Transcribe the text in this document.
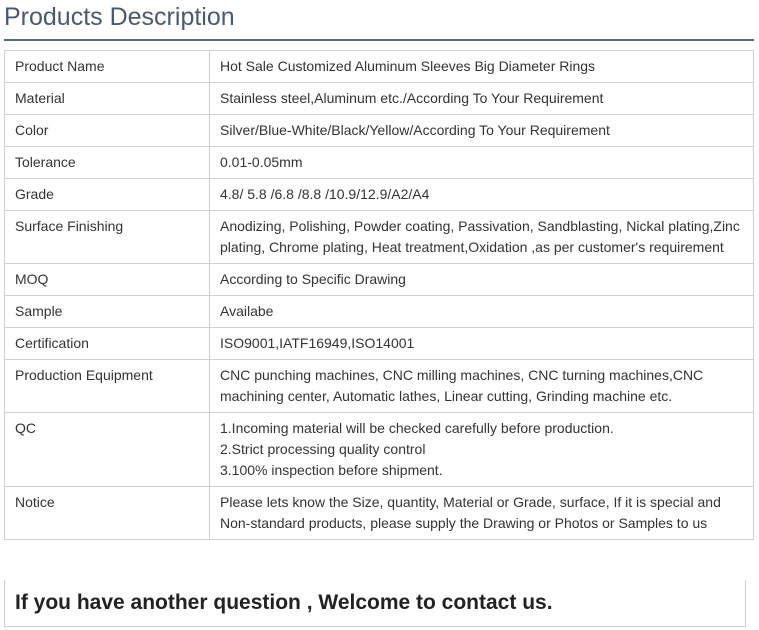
Products Description
Product Name	Hot Sale Customized Aluminum Sleeves Big Diameter Rings

Material	Stainless steel,Aluminum etc./According To Your Requirement

Color	Silver/Blue-White/Black/Yellow/According To Your Requirement

Tolerance	0.01-0.05mm

Grade	4.8/ 5.8 /6.8 /8.8 /10.9/12.9/A2/A4

Surface Finishing	Anodizing, Polishing, Powder coating, Passivation, Sandblasting, Nickal plating,Zinc plating, Chrome plating, Heat treatment,Oxidation ,as per customer's requirement

MOQ	According to Specific Drawing

Sample	Availabe

Certification	ISO9001,IATF16949,ISO14001

Production Equipment	CNC punching machines, CNC milling machines, CNC turning machines,CNC machining center, Automatic lathes, Linear cutting, Grinding machine etc.

QC	1.Incoming material will be checked carefully before production.
2.Strict processing quality control
3.100% inspection before shipment.

Notice	Please lets know the Size, quantity, Material or Grade, surface, If it is special and Non-standard products, please supply the Drawing or Photos or Samples to us
If you have another question , Welcome to contact us.
